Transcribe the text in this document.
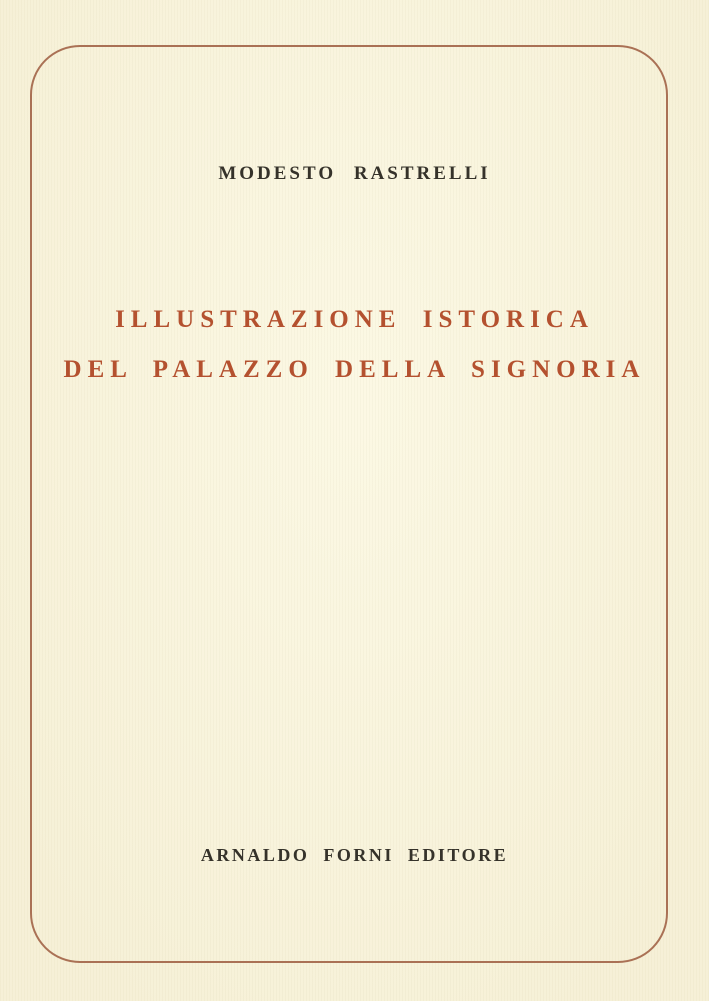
MODESTO RASTRELLI
ILLUSTRAZIONE ISTORICA
DEL PALAZZO DELLA SIGNORIA
ARNALDO FORNI EDITORE
